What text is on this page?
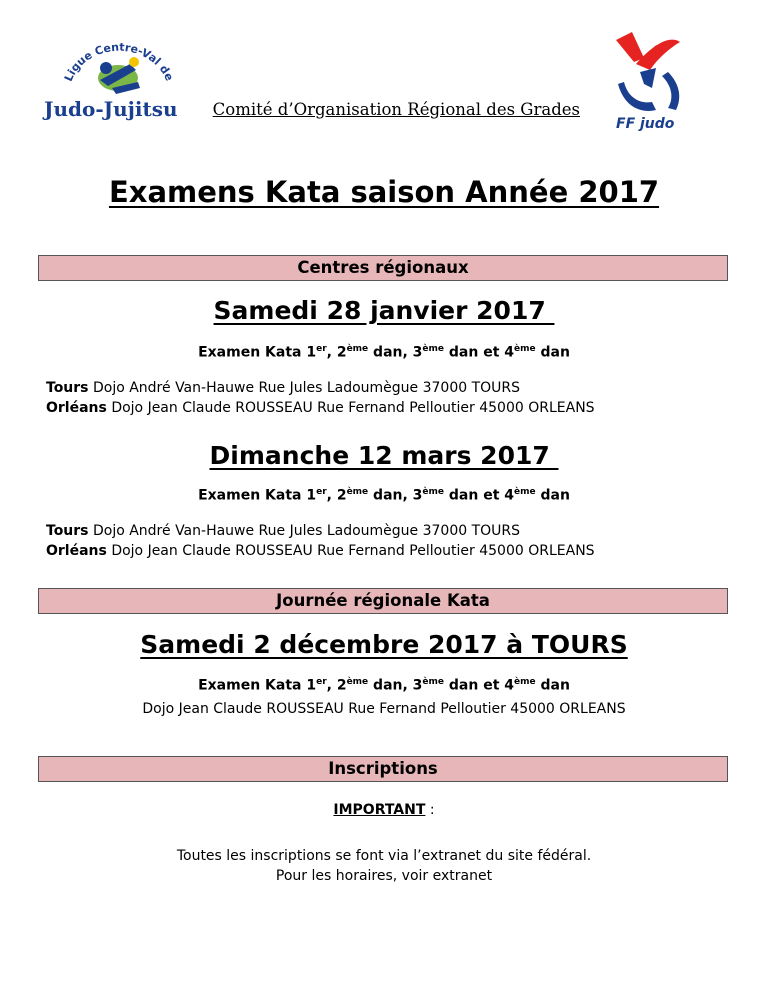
Ligue Centre-Val de
Judo-Jujitsu	Comité d’Organisation Régional des Grades
FF judo
Examens Kata saison Année 2017
Centres régionaux
Samedi 28 janvier 2017
Examen Kata 1er, 2ème dan, 3ème dan et 4ème dan
Tours Dojo André Van-Hauwe Rue Jules Ladoumègue 37000 TOURS
Orléans Dojo Jean Claude ROUSSEAU Rue Fernand Pelloutier 45000 ORLEANS
Dimanche 12 mars 2017
Examen Kata 1er, 2ème dan, 3ème dan et 4ème dan
Tours Dojo André Van-Hauwe Rue Jules Ladoumègue 37000 TOURS
Orléans Dojo Jean Claude ROUSSEAU Rue Fernand Pelloutier 45000 ORLEANS
Journée régionale Kata
Samedi 2 décembre 2017 à TOURS
Examen Kata 1er, 2ème dan, 3ème dan et 4ème dan
Dojo Jean Claude ROUSSEAU Rue Fernand Pelloutier 45000 ORLEANS
Inscriptions
IMPORTANT :
Toutes les inscriptions se font via l’extranet du site fédéral.
Pour les horaires, voir extranet
